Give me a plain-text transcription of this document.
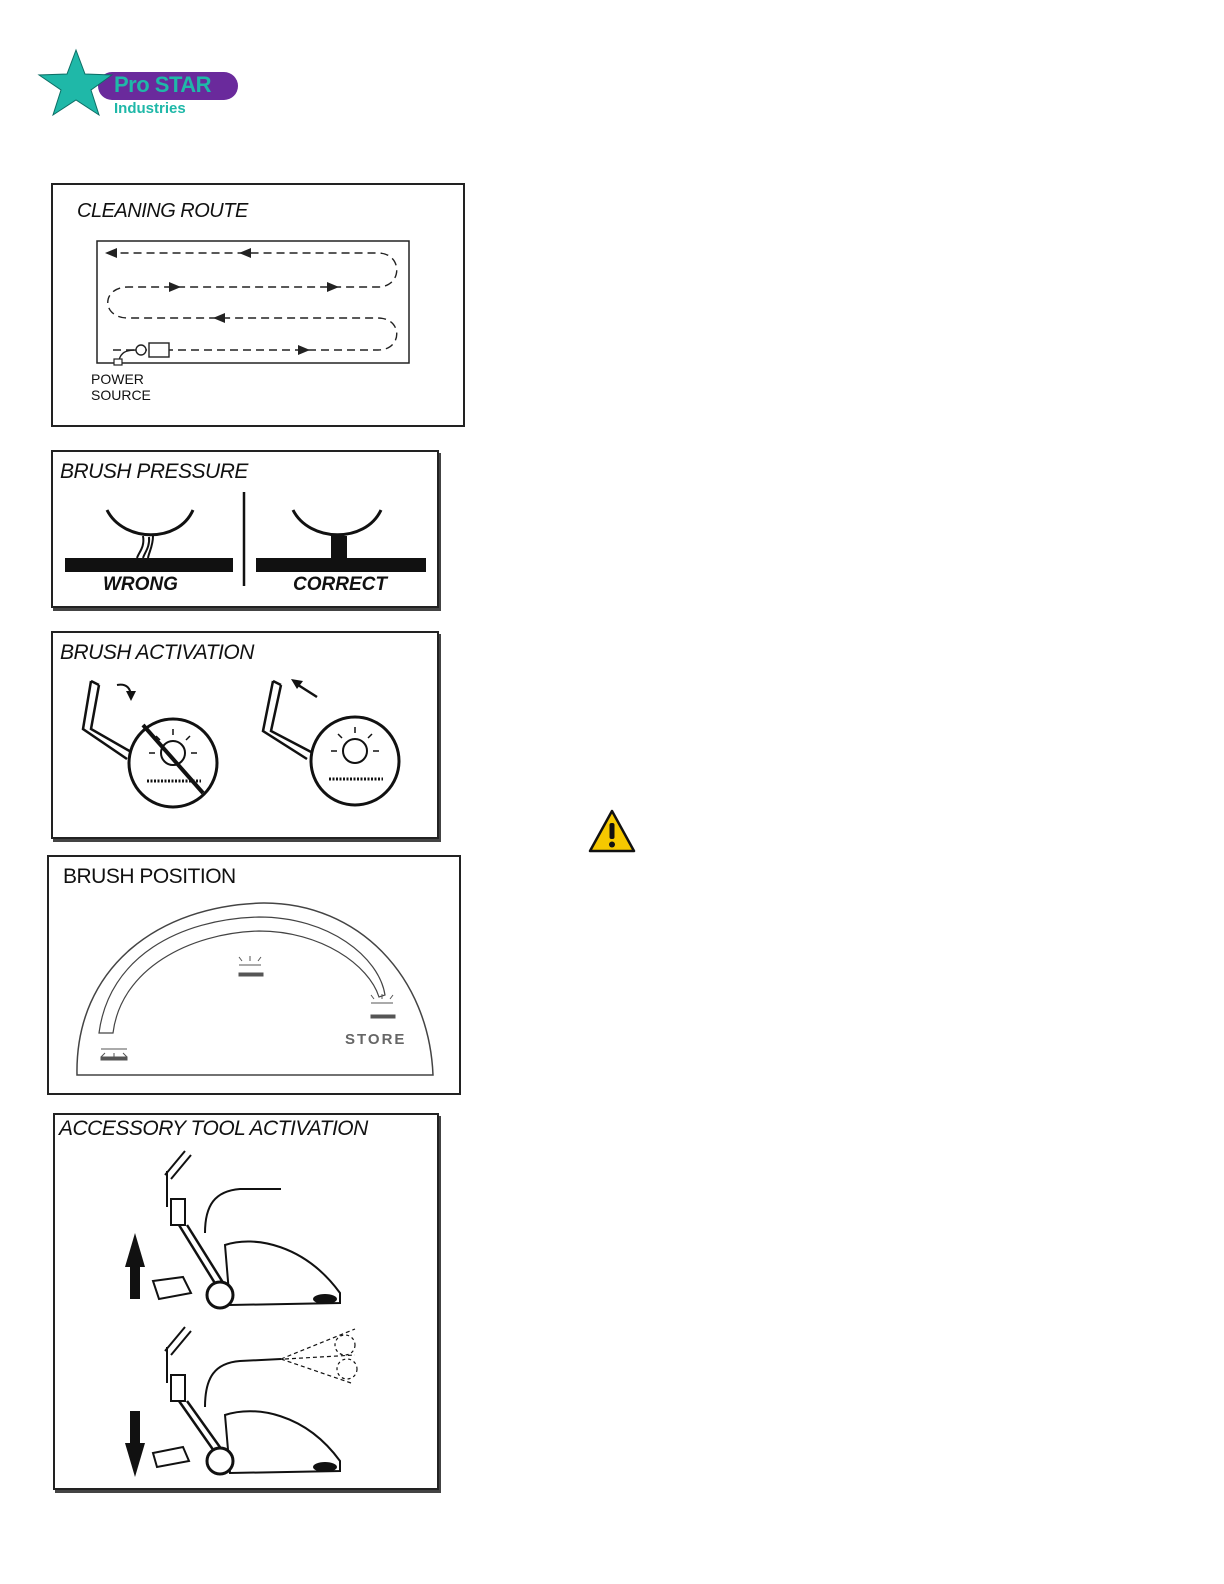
Pro STAR
Industries
CLEANING ROUTE
POWER
SOURCE
BRUSH PRESSURE
WRONG	CORRECT
BRUSH ACTIVATION
BRUSH POSITION
STORE
ACCESSORY TOOL ACTIVATION
